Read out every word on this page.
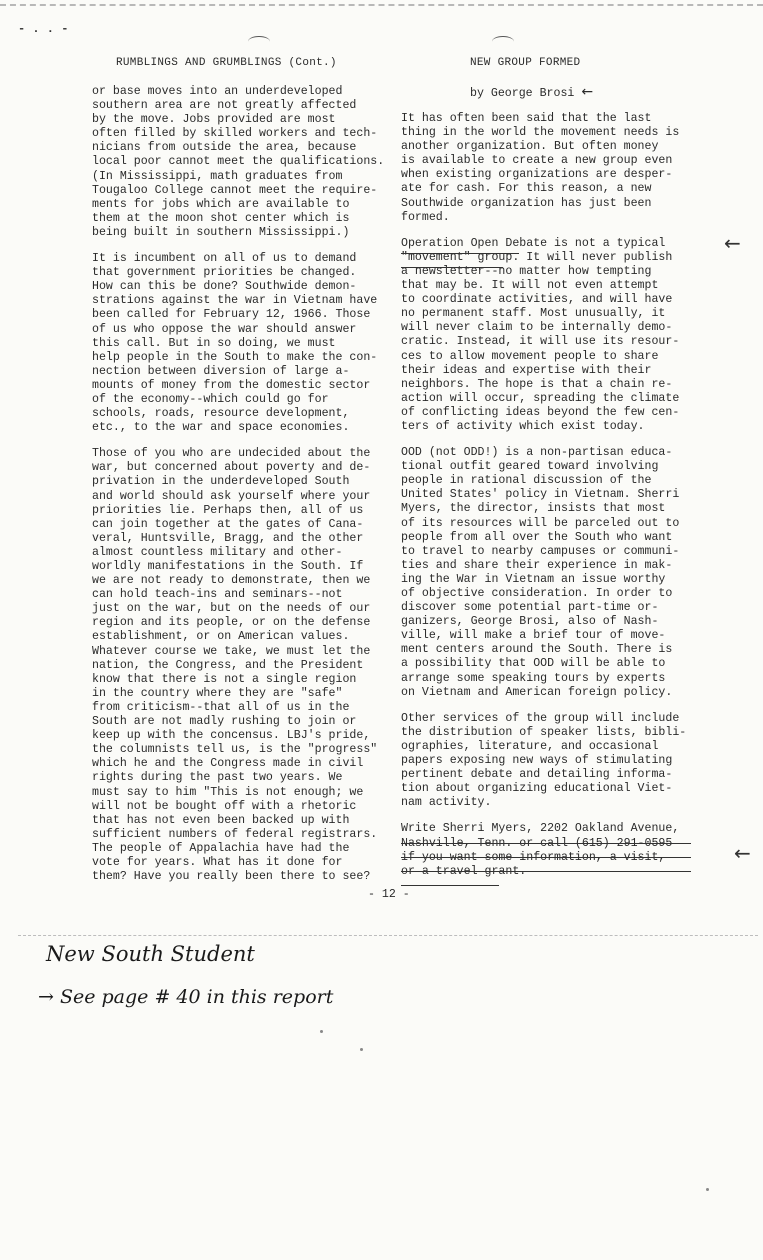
- . . -
RUMBLINGS AND GRUMBLINGS (Cont.)	NEW GROUP FORMED
by George Brosi ←

or base moves into an underdeveloped

southern area are not greatly affected

by the move. Jobs provided are most

often filled by skilled workers and tech-

nicians from outside the area, because

local poor cannot meet the qualifications.

(In Mississippi, math graduates from

Tougaloo College cannot meet the require-

ments for jobs which are available to

them at the moon shot center which is

being built in southern Mississippi.)

It is incumbent on all of us to demand

that government priorities be changed.

How can this be done? Southwide demon-

strations against the war in Vietnam have

been called for February 12, 1966. Those

of us who oppose the war should answer

this call. But in so doing, we must

help people in the South to make the con-

nection between diversion of large a-

mounts of money from the domestic sector

of the economy--which could go for

schools, roads, resource development,

etc., to the war and space economies.

Those of you who are undecided about the

war, but concerned about poverty and de-

privation in the underdeveloped South

and world should ask yourself where your

priorities lie. Perhaps then, all of us

can join together at the gates of Cana-

veral, Huntsville, Bragg, and the other

almost countless military and other-

worldly manifestations in the South. If

we are not ready to demonstrate, then we

can hold teach-ins and seminars--not

just on the war, but on the needs of our

region and its people, or on the defense

establishment, or on American values.

Whatever course we take, we must let the

nation, the Congress, and the President

know that there is not a single region

in the country where they are "safe"

from criticism--that all of us in the

South are not madly rushing to join or

keep up with the concensus. LBJ's pride,

the columnists tell us, is the "progress"

which he and the Congress made in civil

rights during the past two years. We

must say to him "This is not enough; we

will not be bought off with a rhetoric

that has not even been backed up with

sufficient numbers of federal registrars.

The people of Appalachia have had the

vote for years. What has it done for

them? Have you really been there to see?

It has often been said that the last

thing in the world the movement needs is

another organization. But often money

is available to create a new group even

when existing organizations are desper-

ate for cash. For this reason, a new

Southwide organization has just been

formed.

Operation Open Debate is not a typical

"movement" group. It will never publish

a newsletter--no matter how tempting

that may be. It will not even attempt

to coordinate activities, and will have

no permanent staff. Most unusually, it

will never claim to be internally demo-

cratic. Instead, it will use its resour-

ces to allow movement people to share

their ideas and expertise with their

neighbors. The hope is that a chain re-

action will occur, spreading the climate

of conflicting ideas beyond the few cen-

ters of activity which exist today.

OOD (not ODD!) is a non-partisan educa-

tional outfit geared toward involving

people in rational discussion of the

United States' policy in Vietnam. Sherri

Myers, the director, insists that most

of its resources will be parceled out to

people from all over the South who want

to travel to nearby campuses or communi-

ties and share their experience in mak-

ing the War in Vietnam an issue worthy

of objective consideration. In order to

discover some potential part-time or-

ganizers, George Brosi, also of Nash-

ville, will make a brief tour of move-

ment centers around the South. There is

a possibility that OOD will be able to

arrange some speaking tours by experts

on Vietnam and American foreign policy.

Other services of the group will include

the distribution of speaker lists, bibli-

ographies, literature, and occasional

papers exposing new ways of stimulating

pertinent debate and detailing informa-

tion about organizing educational Viet-

nam activity.

Write Sherri Myers, 2202 Oakland Avenue,

Nashville, Tenn. or call (615) 291-0595

if you want some information, a visit,

or a travel grant.

←
←
- 12 -
New South Student
→ See page # 40 in this report
